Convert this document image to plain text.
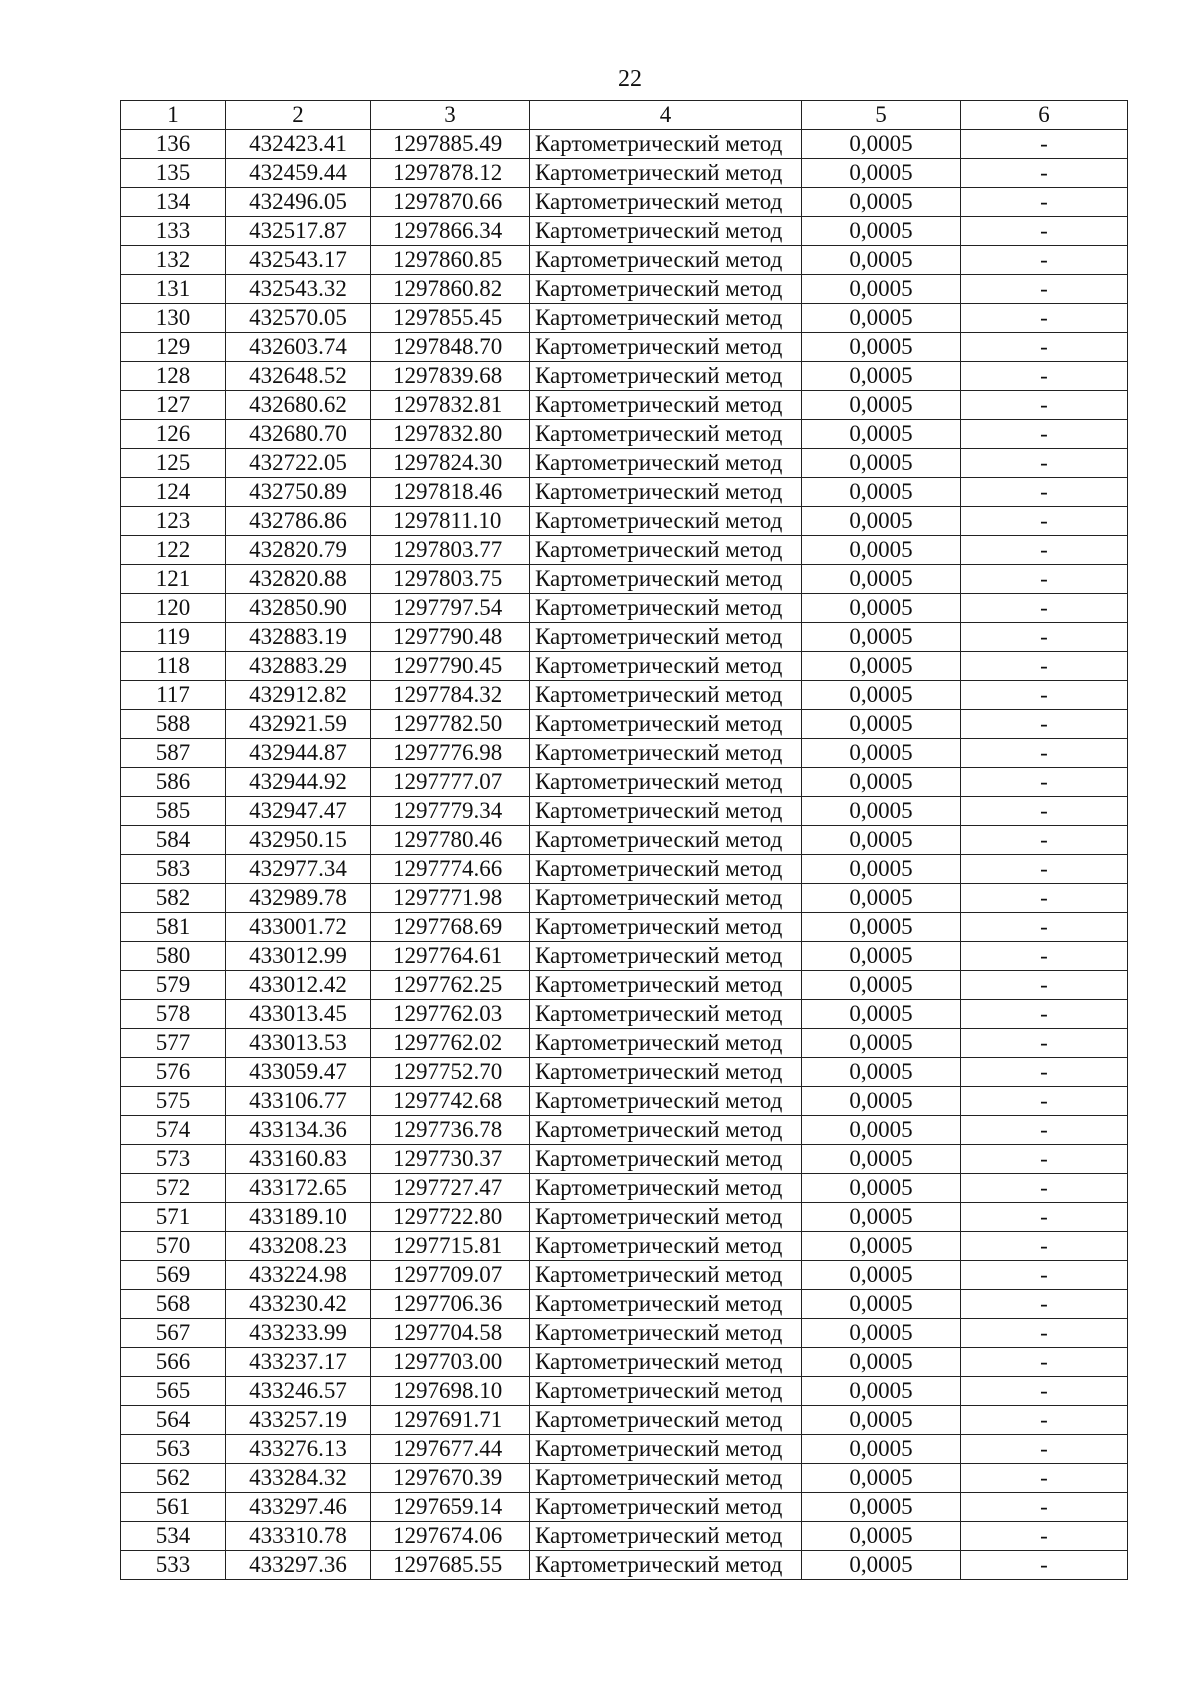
22
1	2	3	4	5	6
136	432423.41	1297885.49	Картометрический метод	0,0005	-
135	432459.44	1297878.12	Картометрический метод	0,0005	-
134	432496.05	1297870.66	Картометрический метод	0,0005	-
133	432517.87	1297866.34	Картометрический метод	0,0005	-
132	432543.17	1297860.85	Картометрический метод	0,0005	-
131	432543.32	1297860.82	Картометрический метод	0,0005	-
130	432570.05	1297855.45	Картометрический метод	0,0005	-
129	432603.74	1297848.70	Картометрический метод	0,0005	-
128	432648.52	1297839.68	Картометрический метод	0,0005	-
127	432680.62	1297832.81	Картометрический метод	0,0005	-
126	432680.70	1297832.80	Картометрический метод	0,0005	-
125	432722.05	1297824.30	Картометрический метод	0,0005	-
124	432750.89	1297818.46	Картометрический метод	0,0005	-
123	432786.86	1297811.10	Картометрический метод	0,0005	-
122	432820.79	1297803.77	Картометрический метод	0,0005	-
121	432820.88	1297803.75	Картометрический метод	0,0005	-
120	432850.90	1297797.54	Картометрический метод	0,0005	-
119	432883.19	1297790.48	Картометрический метод	0,0005	-
118	432883.29	1297790.45	Картометрический метод	0,0005	-
117	432912.82	1297784.32	Картометрический метод	0,0005	-
588	432921.59	1297782.50	Картометрический метод	0,0005	-
587	432944.87	1297776.98	Картометрический метод	0,0005	-
586	432944.92	1297777.07	Картометрический метод	0,0005	-
585	432947.47	1297779.34	Картометрический метод	0,0005	-
584	432950.15	1297780.46	Картометрический метод	0,0005	-
583	432977.34	1297774.66	Картометрический метод	0,0005	-
582	432989.78	1297771.98	Картометрический метод	0,0005	-
581	433001.72	1297768.69	Картометрический метод	0,0005	-
580	433012.99	1297764.61	Картометрический метод	0,0005	-
579	433012.42	1297762.25	Картометрический метод	0,0005	-
578	433013.45	1297762.03	Картометрический метод	0,0005	-
577	433013.53	1297762.02	Картометрический метод	0,0005	-
576	433059.47	1297752.70	Картометрический метод	0,0005	-
575	433106.77	1297742.68	Картометрический метод	0,0005	-
574	433134.36	1297736.78	Картометрический метод	0,0005	-
573	433160.83	1297730.37	Картометрический метод	0,0005	-
572	433172.65	1297727.47	Картометрический метод	0,0005	-
571	433189.10	1297722.80	Картометрический метод	0,0005	-
570	433208.23	1297715.81	Картометрический метод	0,0005	-
569	433224.98	1297709.07	Картометрический метод	0,0005	-
568	433230.42	1297706.36	Картометрический метод	0,0005	-
567	433233.99	1297704.58	Картометрический метод	0,0005	-
566	433237.17	1297703.00	Картометрический метод	0,0005	-
565	433246.57	1297698.10	Картометрический метод	0,0005	-
564	433257.19	1297691.71	Картометрический метод	0,0005	-
563	433276.13	1297677.44	Картометрический метод	0,0005	-
562	433284.32	1297670.39	Картометрический метод	0,0005	-
561	433297.46	1297659.14	Картометрический метод	0,0005	-
534	433310.78	1297674.06	Картометрический метод	0,0005	-
533	433297.36	1297685.55	Картометрический метод	0,0005	-
